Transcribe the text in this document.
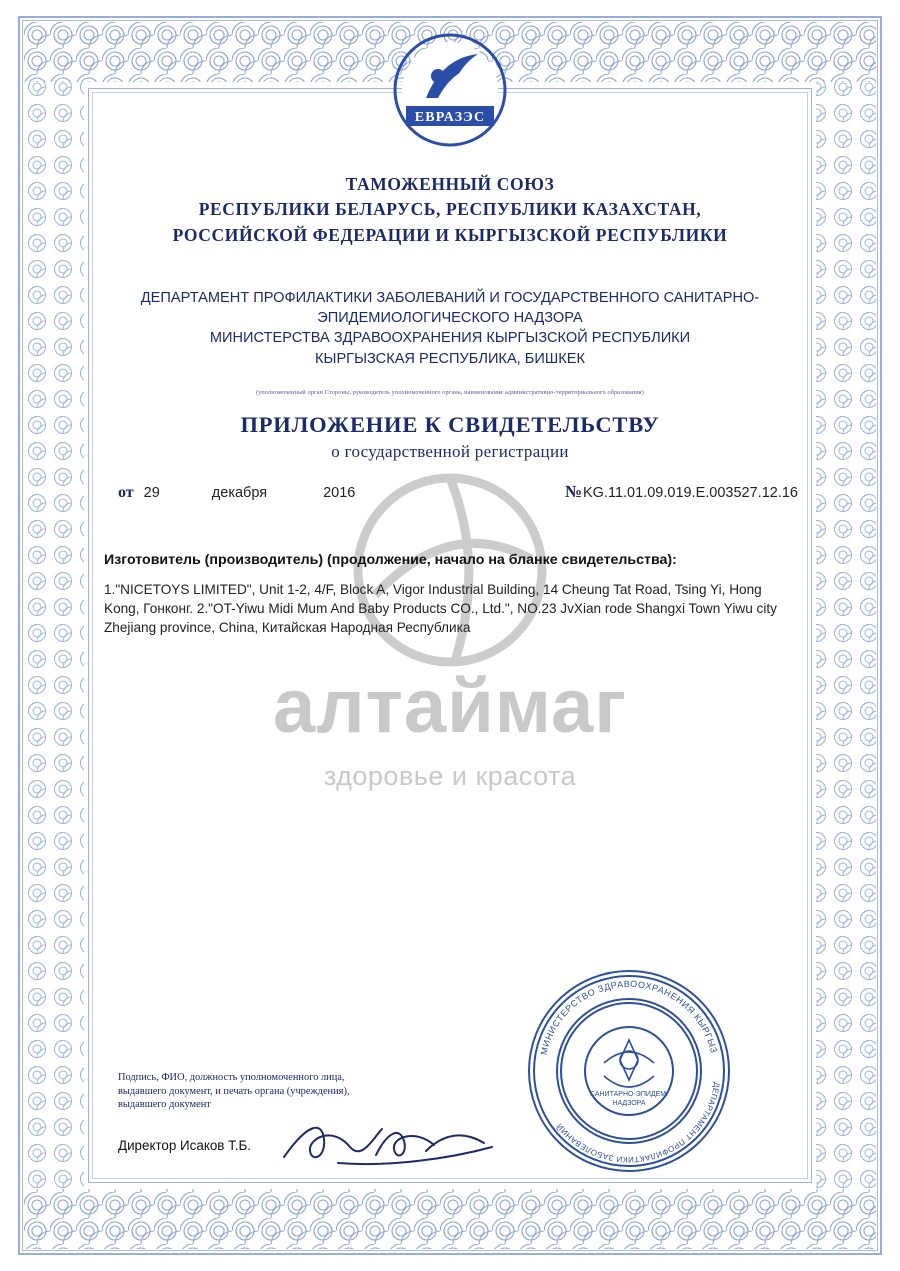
алтаймаг
здоровье и красота
ЕВРАЗЭС
ТАМОЖЕННЫЙ СОЮЗ
РЕСПУБЛИКИ БЕЛАРУСЬ, РЕСПУБЛИКИ КАЗАХСТАН,
РОССИЙСКОЙ ФЕДЕРАЦИИ И КЫРГЫЗСКОЙ РЕСПУБЛИКИ
ДЕПАРТАМЕНТ ПРОФИЛАКТИКИ ЗАБОЛЕВАНИЙ И ГОСУДАРСТВЕННОГО САНИТАРНО-
ЭПИДЕМИОЛОГИЧЕСКОГО НАДЗОРА
МИНИСТЕРСТВА ЗДРАВООХРАНЕНИЯ КЫРГЫЗСКОЙ РЕСПУБЛИКИ
КЫРГЫЗСКАЯ РЕСПУБЛИКА, БИШКЕК
(уполномоченный орган Стороны, руководитель уполномоченного органа, наименование административно-территориального образования)
ПРИЛОЖЕНИЕ К СВИДЕТЕЛЬСТВУ
о государственной регистрации
от 29	декабря	2016	№ KG.11.01.09.019.Е.003527.12.16
Изготовитель (производитель) (продолжение, начало на бланке свидетельства):
1."NICETOYS LIMITED", Unit 1-2, 4/F, Block A, Vigor Industrial Building, 14 Cheung Tat Road, Tsing Yi, Hong Kong, Гонконг. 2."OT-Yiwu Midi Mum And Baby Products CO., Ltd.", NO.23 JvXian rode Shangxi Town Yiwu city Zhejiang province, China, Китайская Народная Республика
Подпись, ФИО, должность уполномоченного лица,
выдавшего документ, и печать органа (учреждения),
выдавшего документ
Директор Исаков Т.Б.
МИНИСТЕРСТВО ЗДРАВООХРАНЕНИЯ КЫРГЫЗ
ДЕПАРТАМЕНТ ПРОФИЛАКТИКИ ЗАБОЛЕВАНИЙ
САНИТАРНО-ЭПИДЕМ.
НАДЗОРА
